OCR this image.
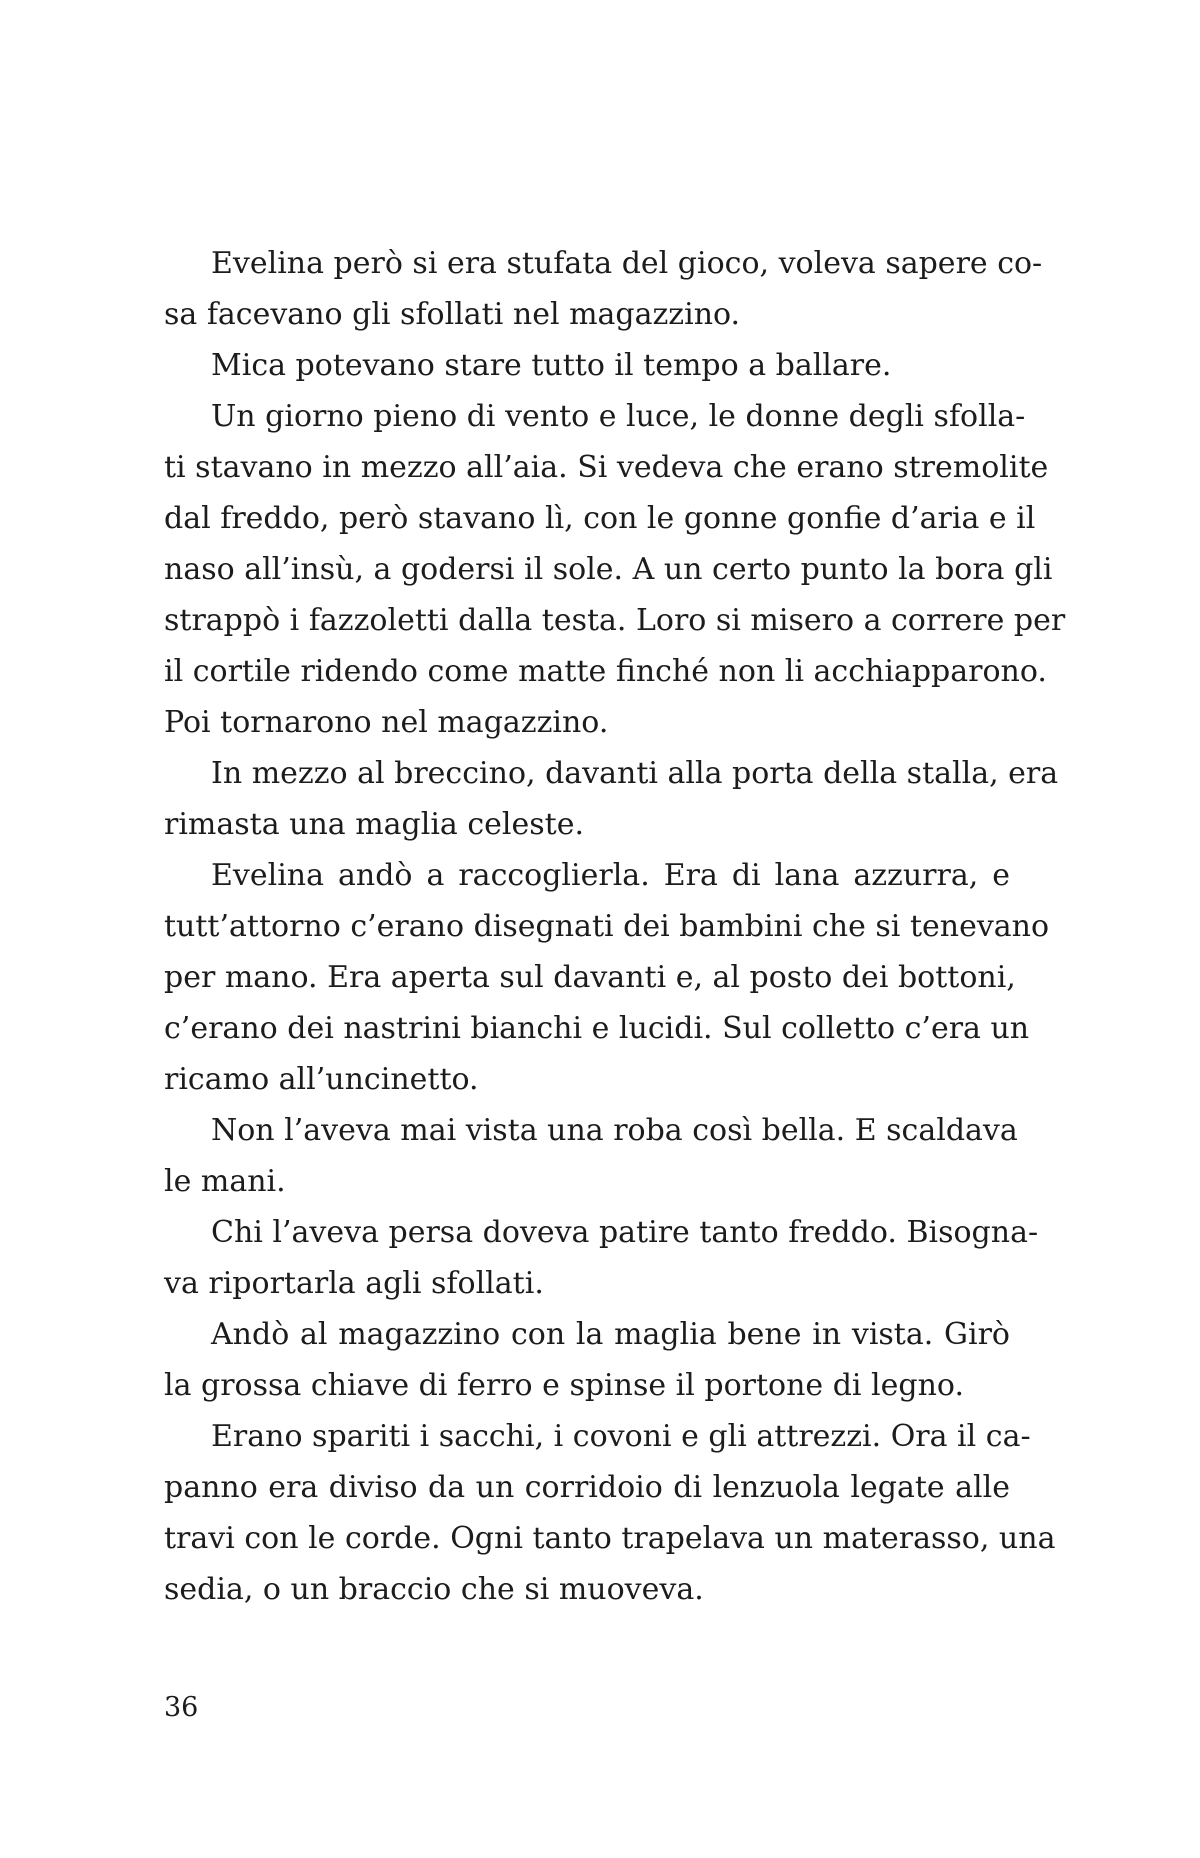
Evelina però si era stufata del gioco, voleva sapere co-
sa facevano gli sfollati nel magazzino.
Mica potevano stare tutto il tempo a ballare.
Un giorno pieno di vento e luce, le donne degli sfolla-
ti stavano in mezzo all’aia. Si vedeva che erano stremolite
dal freddo, però stavano lì, con le gonne gonfie d’aria e il
naso all’insù, a godersi il sole. A un certo punto la bora gli
strappò i fazzoletti dalla testa. Loro si misero a correre per
il cortile ridendo come matte finché non li acchiapparono.
Poi tornarono nel magazzino.
In mezzo al breccino, davanti alla porta della stalla, era
rimasta una maglia celeste.
Evelina andò a raccoglierla. Era di lana azzurra, e
tutt’attorno c’erano disegnati dei bambini che si tenevano
per mano. Era aperta sul davanti e, al posto dei bottoni,
c’erano dei nastrini bianchi e lucidi. Sul colletto c’era un
ricamo all’uncinetto.
Non l’aveva mai vista una roba così bella. E scaldava
le mani.
Chi l’aveva persa doveva patire tanto freddo. Bisogna-
va riportarla agli sfollati.
Andò al magazzino con la maglia bene in vista. Girò
la grossa chiave di ferro e spinse il portone di legno.
Erano spariti i sacchi, i covoni e gli attrezzi. Ora il ca-
panno era diviso da un corridoio di lenzuola legate alle
travi con le corde. Ogni tanto trapelava un materasso, una
sedia, o un braccio che si muoveva.
36
